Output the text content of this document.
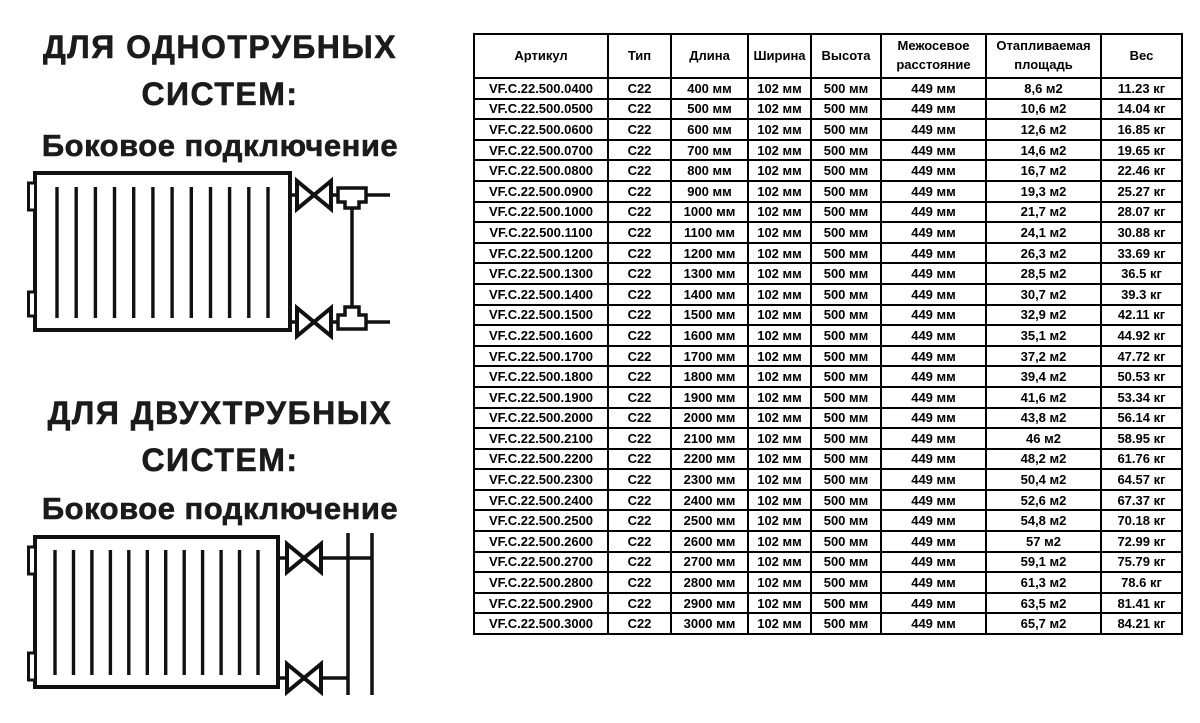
ДЛЯ ОДНОТРУБНЫХ
СИСТЕМ:
Боковое подключение
ДЛЯ ДВУХТРУБНЫХ
СИСТЕМ:
Боковое подключение
Артикул	Тип	Длина	Ширина	Высота	Межосевое расстояние	Отапливаемая площадь	Вес
VF.C.22.500.0400	C22	400 мм	102 мм	500 мм	449 мм	8,6 м2	11.23 кг
VF.C.22.500.0500	C22	500 мм	102 мм	500 мм	449 мм	10,6 м2	14.04 кг
VF.C.22.500.0600	C22	600 мм	102 мм	500 мм	449 мм	12,6 м2	16.85 кг
VF.C.22.500.0700	C22	700 мм	102 мм	500 мм	449 мм	14,6 м2	19.65 кг
VF.C.22.500.0800	C22	800 мм	102 мм	500 мм	449 мм	16,7 м2	22.46 кг
VF.C.22.500.0900	C22	900 мм	102 мм	500 мм	449 мм	19,3 м2	25.27 кг
VF.C.22.500.1000	C22	1000 мм	102 мм	500 мм	449 мм	21,7 м2	28.07 кг
VF.C.22.500.1100	C22	1100 мм	102 мм	500 мм	449 мм	24,1 м2	30.88 кг
VF.C.22.500.1200	C22	1200 мм	102 мм	500 мм	449 мм	26,3 м2	33.69 кг
VF.C.22.500.1300	C22	1300 мм	102 мм	500 мм	449 мм	28,5 м2	36.5 кг
VF.C.22.500.1400	C22	1400 мм	102 мм	500 мм	449 мм	30,7 м2	39.3 кг
VF.C.22.500.1500	C22	1500 мм	102 мм	500 мм	449 мм	32,9 м2	42.11 кг
VF.C.22.500.1600	C22	1600 мм	102 мм	500 мм	449 мм	35,1 м2	44.92 кг
VF.C.22.500.1700	C22	1700 мм	102 мм	500 мм	449 мм	37,2 м2	47.72 кг
VF.C.22.500.1800	C22	1800 мм	102 мм	500 мм	449 мм	39,4 м2	50.53 кг
VF.C.22.500.1900	C22	1900 мм	102 мм	500 мм	449 мм	41,6 м2	53.34 кг
VF.C.22.500.2000	C22	2000 мм	102 мм	500 мм	449 мм	43,8 м2	56.14 кг
VF.C.22.500.2100	C22	2100 мм	102 мм	500 мм	449 мм	46 м2	58.95 кг
VF.C.22.500.2200	C22	2200 мм	102 мм	500 мм	449 мм	48,2 м2	61.76 кг
VF.C.22.500.2300	C22	2300 мм	102 мм	500 мм	449 мм	50,4 м2	64.57 кг
VF.C.22.500.2400	C22	2400 мм	102 мм	500 мм	449 мм	52,6 м2	67.37 кг
VF.C.22.500.2500	C22	2500 мм	102 мм	500 мм	449 мм	54,8 м2	70.18 кг
VF.C.22.500.2600	C22	2600 мм	102 мм	500 мм	449 мм	57 м2	72.99 кг
VF.C.22.500.2700	C22	2700 мм	102 мм	500 мм	449 мм	59,1 м2	75.79 кг
VF.C.22.500.2800	C22	2800 мм	102 мм	500 мм	449 мм	61,3 м2	78.6 кг
VF.C.22.500.2900	C22	2900 мм	102 мм	500 мм	449 мм	63,5 м2	81.41 кг
VF.C.22.500.3000	C22	3000 мм	102 мм	500 мм	449 мм	65,7 м2	84.21 кг
